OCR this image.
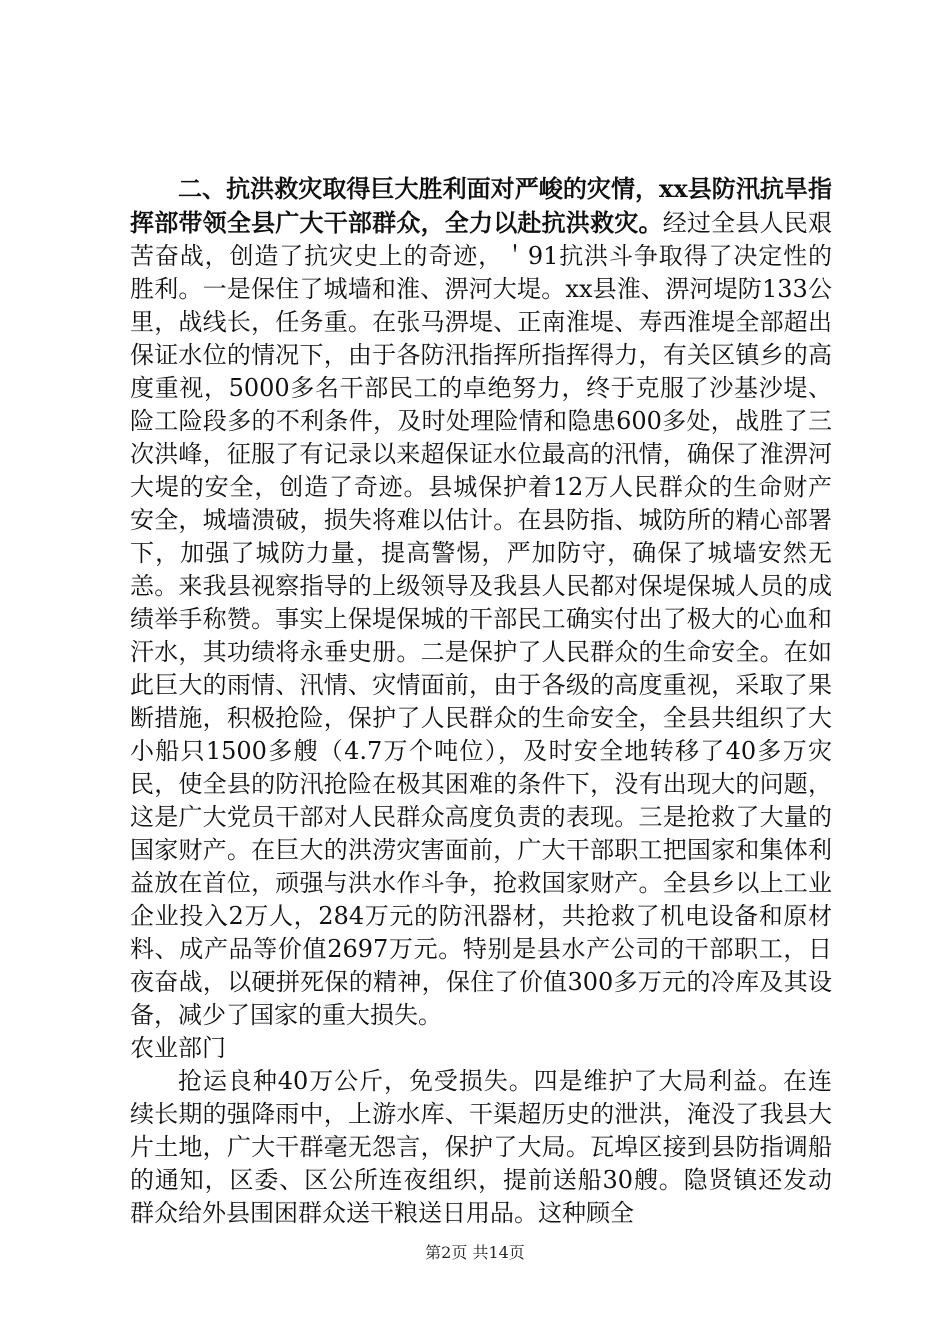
二、抗洪救灾取得巨大胜利面对严峻的灾情，xx县防汛抗旱指挥部带领全县广大干部群众，全力以赴抗洪救灾。经过全县人民艰苦奋战，创造了抗灾史上的奇迹，＇91抗洪斗争取得了决定性的胜利。一是保住了城墙和淮、淠河大堤。xx县淮、淠河堤防133公里，战线长，任务重。在张马淠堤、正南淮堤、寿西淮堤全部超出保证水位的情况下，由于各防汛指挥所指挥得力，有关区镇乡的高度重视，5000多名干部民工的卓绝努力，终于克服了沙基沙堤、险工险段多的不利条件，及时处理险情和隐患600多处，战胜了三次洪峰，征服了有记录以来超保证水位最高的汛情，确保了淮淠河大堤的安全，创造了奇迹。县城保护着12万人民群众的生命财产安全，城墙溃破，损失将难以估计。在县防指、城防所的精心部署下，加强了城防力量，提高警惕，严加防守，确保了城墙安然无恙。来我县视察指导的上级领导及我县人民都对保堤保城人员的成绩举手称赞。事实上保堤保城的干部民工确实付出了极大的心血和汗水，其功绩将永垂史册。二是保护了人民群众的生命安全。在如此巨大的雨情、汛情、灾情面前，由于各级的高度重视，采取了果断措施，积极抢险，保护了人民群众的生命安全，全县共组织了大小船只1500多艘（4.7万个吨位），及时安全地转移了40多万灾民，使全县的防汛抢险在极其困难的条件下，没有出现大的问题，这是广大党员干部对人民群众高度负责的表现。三是抢救了大量的国家财产。在巨大的洪涝灾害面前，广大干部职工把国家和集体利益放在首位，顽强与洪水作斗争，抢救国家财产。全县乡以上工业企业投入2万人，284万元的防汛器材，共抢救了机电设备和原材料、成产品等价值2697万元。特别是县水产公司的干部职工，日夜奋战，以硬拼死保的精神，保住了价值300多万元的冷库及其设备，减少了国家的重大损失。

农业部门

抢运良种40万公斤，免受损失。四是维护了大局利益。在连续长期的强降雨中，上游水库、干渠超历史的泄洪，淹没了我县大片土地，广大干群毫无怨言，保护了大局。瓦埠区接到县防指调船的通知，区委、区公所连夜组织，提前送船30艘。隐贤镇还发动群众给外县围困群众送干粮送日用品。这种顾全

第2页 共14页
